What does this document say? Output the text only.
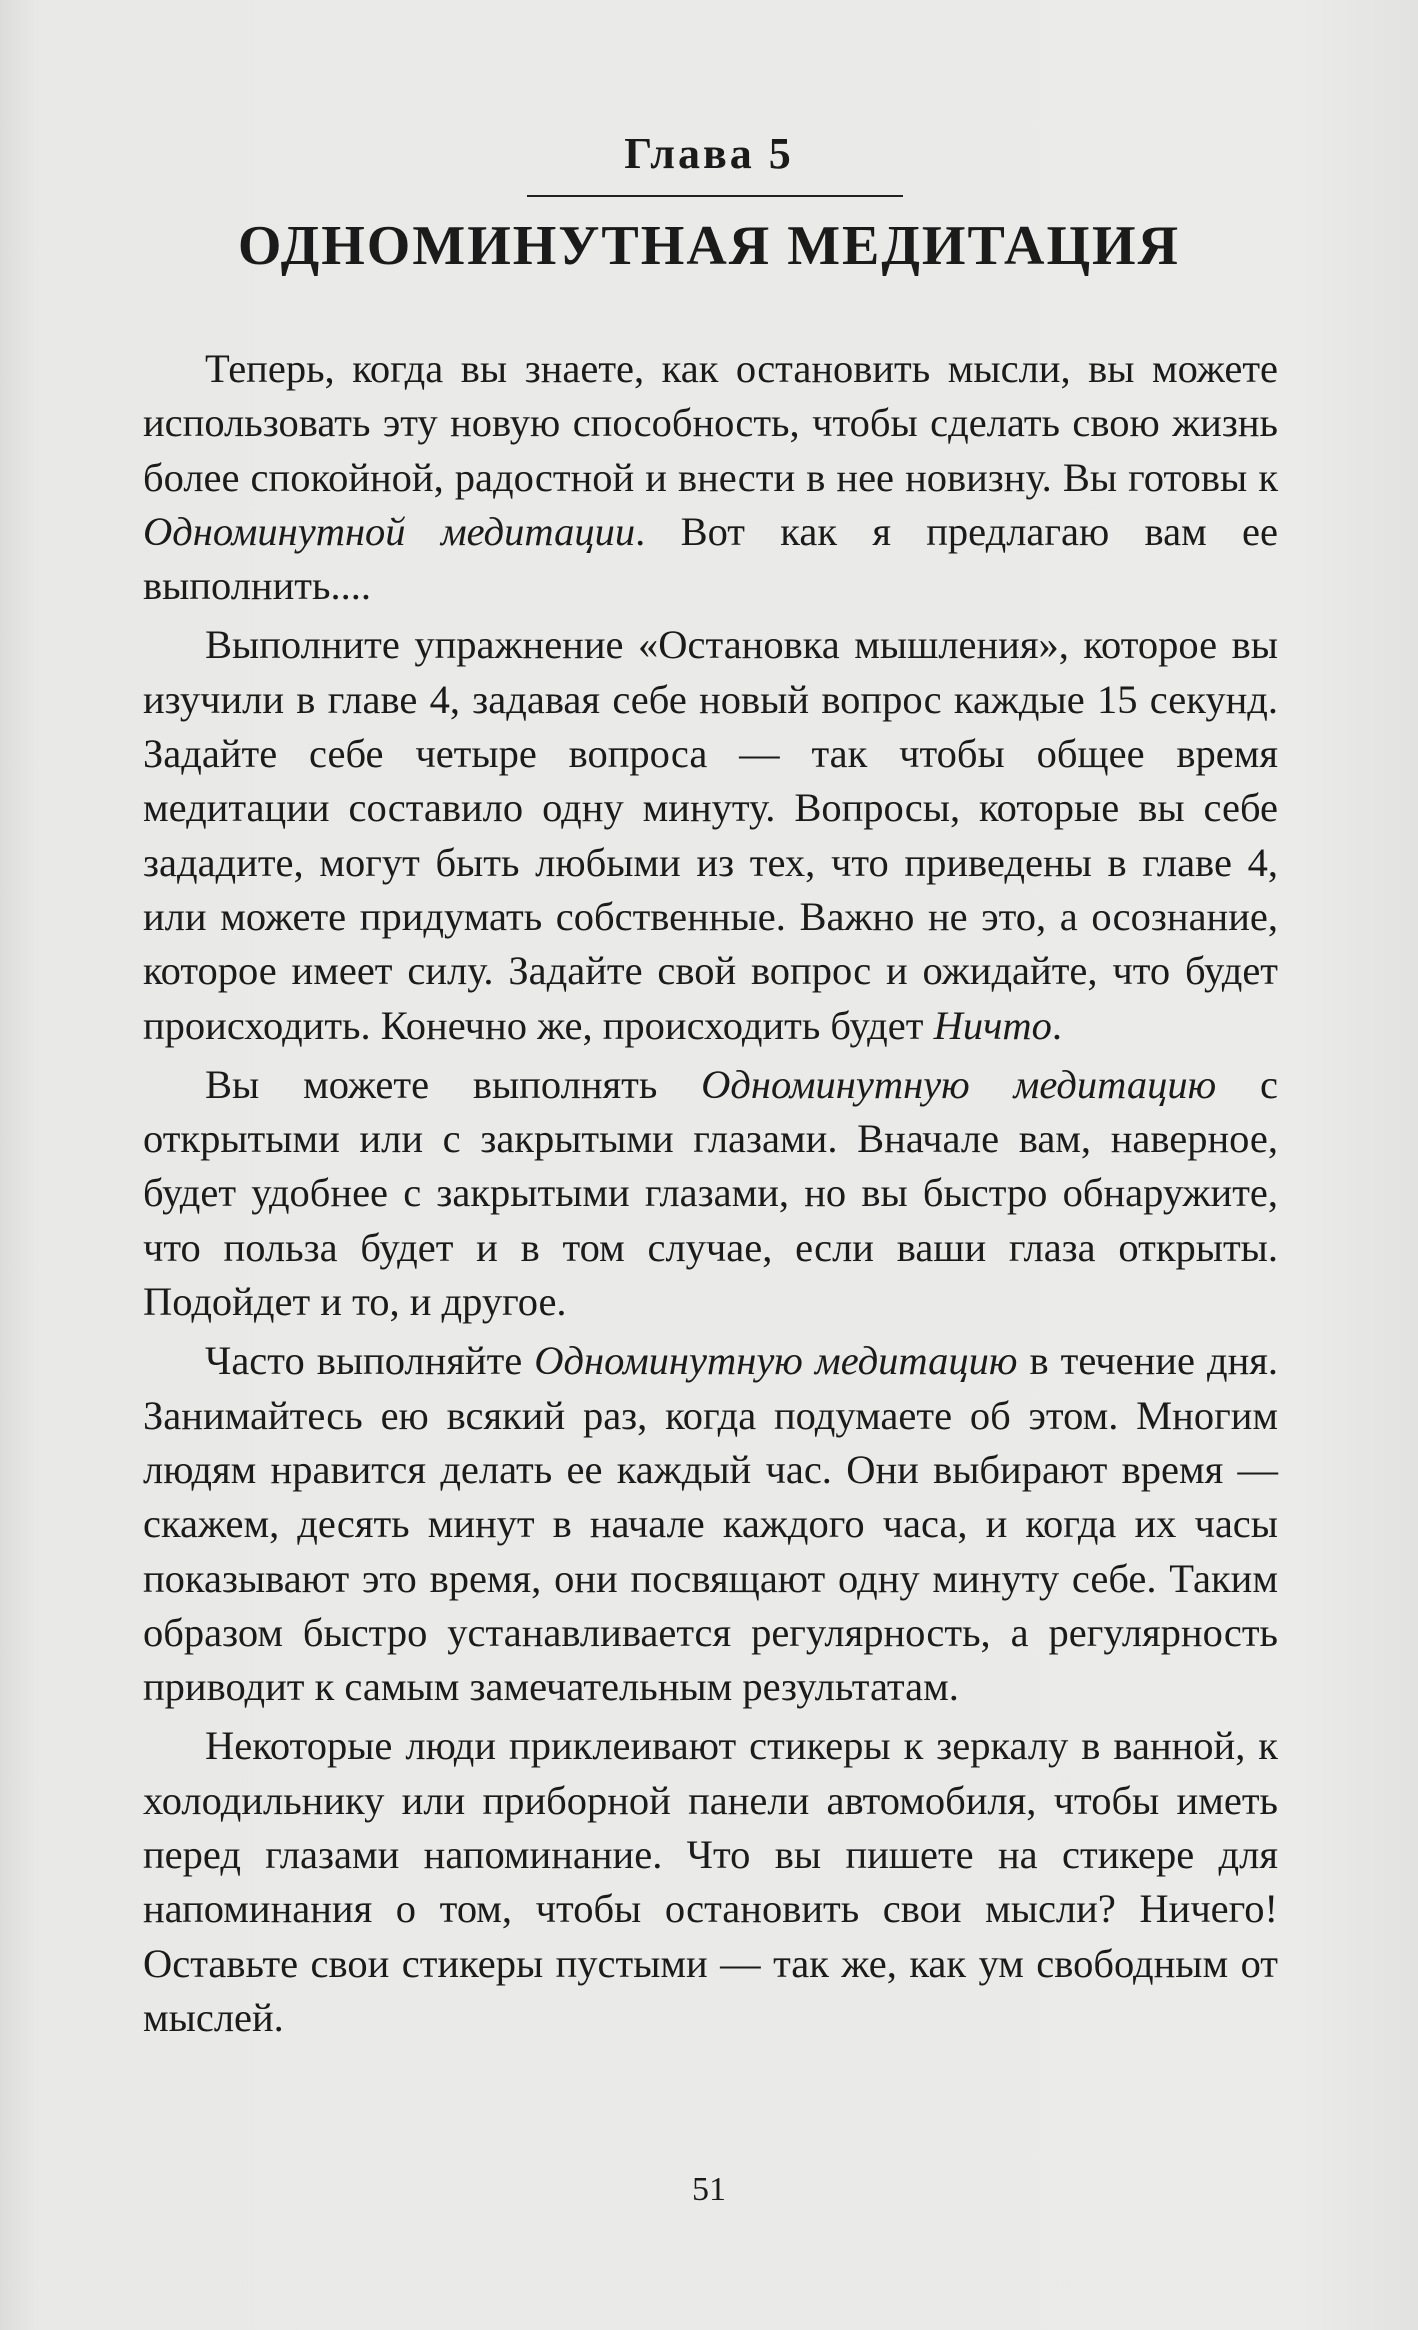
Глава 5
ОДНОМИНУТНАЯ МЕДИТАЦИЯ

Теперь, когда вы знаете, как остановить мысли, вы можете использовать эту новую способность, чтобы сделать свою жизнь более спокойной, радостной и внести в нее новизну. Вы готовы к Одноминутной медитации. Вот как я предлагаю вам ее выполнить....

Выполните упражнение «Остановка мышления», которое вы изучили в главе 4, задавая себе новый вопрос каждые 15 секунд. Задайте себе четыре вопроса — так чтобы общее время медитации составило одну минуту. Вопросы, которые вы себе зададите, могут быть любыми из тех, что приведены в главе 4, или можете придумать собственные. Важно не это, а осознание, которое имеет силу. Задайте свой вопрос и ожидайте, что будет происходить. Конечно же, происходить будет Ничто.

Вы можете выполнять Одноминутную медитацию с открытыми или с закрытыми глазами. Вначале вам, наверное, будет удобнее с закрытыми глазами, но вы быстро обнаружите, что польза будет и в том случае, если ваши глаза открыты. Подойдет и то, и другое.

Часто выполняйте Одноминутную медитацию в течение дня. Занимайтесь ею всякий раз, когда подумаете об этом. Многим людям нравится делать ее каждый час. Они выбирают время — скажем, десять минут в начале каждого часа, и когда их часы показывают это время, они посвящают одну минуту себе. Таким образом быстро устанавливается регулярность, а регулярность приводит к самым замечательным результатам.

Некоторые люди приклеивают стикеры к зеркалу в ванной, к холодильнику или приборной панели автомобиля, чтобы иметь перед глазами напоминание. Что вы пишете на стикере для напоминания о том, чтобы остановить свои мысли? Ничего! Оставьте свои стикеры пустыми — так же, как ум свободным от мыслей.

51
